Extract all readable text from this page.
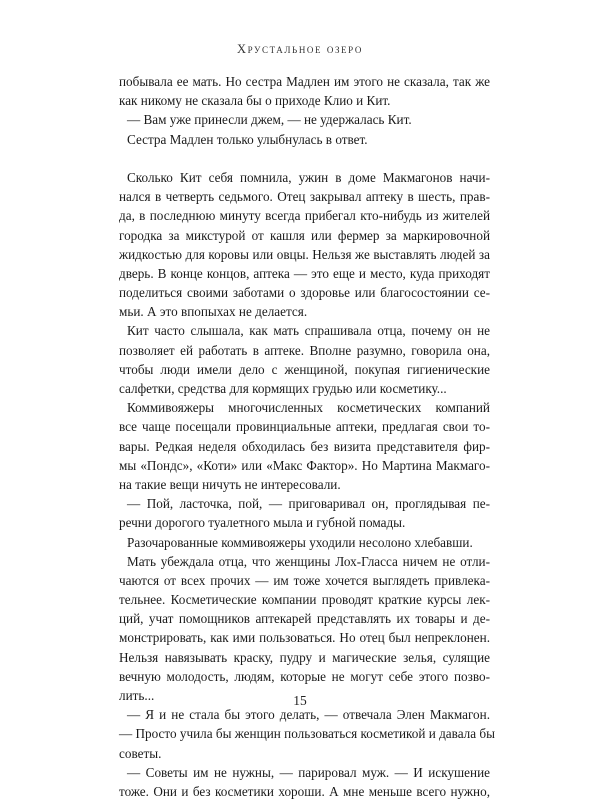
Хрустальное озеро
побывала ее мать. Но сестра Мадлен им этого не сказала, так же
как никому не сказала бы о приходе Клио и Кит.
— Вам уже принесли джем, — не удержалась Кит.
Сестра Мадлен только улыбнулась в ответ.
Сколько Кит себя помнила, ужин в доме Макмагонов начи-
нался в четверть седьмого. Отец закрывал аптеку в шесть, прав-
да, в последнюю минуту всегда прибегал кто-нибудь из жителей
городка за микстурой от кашля или фермер за маркировочной
жидкостью для коровы или овцы. Нельзя же выставлять людей за
дверь. В конце концов, аптека — это еще и место, куда приходят
поделиться своими заботами о здоровье или благосостоянии се-
мьи. А это впопыхах не делается.
Кит часто слышала, как мать спрашивала отца, почему он не
позволяет ей работать в аптеке. Вполне разумно, говорила она,
чтобы люди имели дело с женщиной, покупая гигиенические
салфетки, средства для кормящих грудью или косметику...
Коммивояжеры многочисленных косметических компаний
все чаще посещали провинциальные аптеки, предлагая свои то-
вары. Редкая неделя обходилась без визита представителя фир-
мы «Пондс», «Коти» или «Макс Фактор». Но Мартина Макмаго-
на такие вещи ничуть не интересовали.
— Пой, ласточка, пой, — приговаривал он, проглядывая пе-
речни дорогого туалетного мыла и губной помады.
Разочарованные коммивояжеры уходили несолоно хлебавши.
Мать убеждала отца, что женщины Лох-Гласса ничем не отли-
чаются от всех прочих — им тоже хочется выглядеть привлека-
тельнее. Косметические компании проводят краткие курсы лек-
ций, учат помощников аптекарей представлять их товары и де-
монстрировать, как ими пользоваться. Но отец был непреклонен.
Нельзя навязывать краску, пудру и магические зелья, сулящие
вечную молодость, людям, которые не могут себе этого позво-
лить...
— Я и не стала бы этого делать, — отвечала Элен Макмагон.
— Просто учила бы женщин пользоваться косметикой и давала бы
советы.
— Советы им не нужны, — парировал муж. — И искушение
тоже. Они и без косметики хороши. А мне меньше всего нужно,
15
